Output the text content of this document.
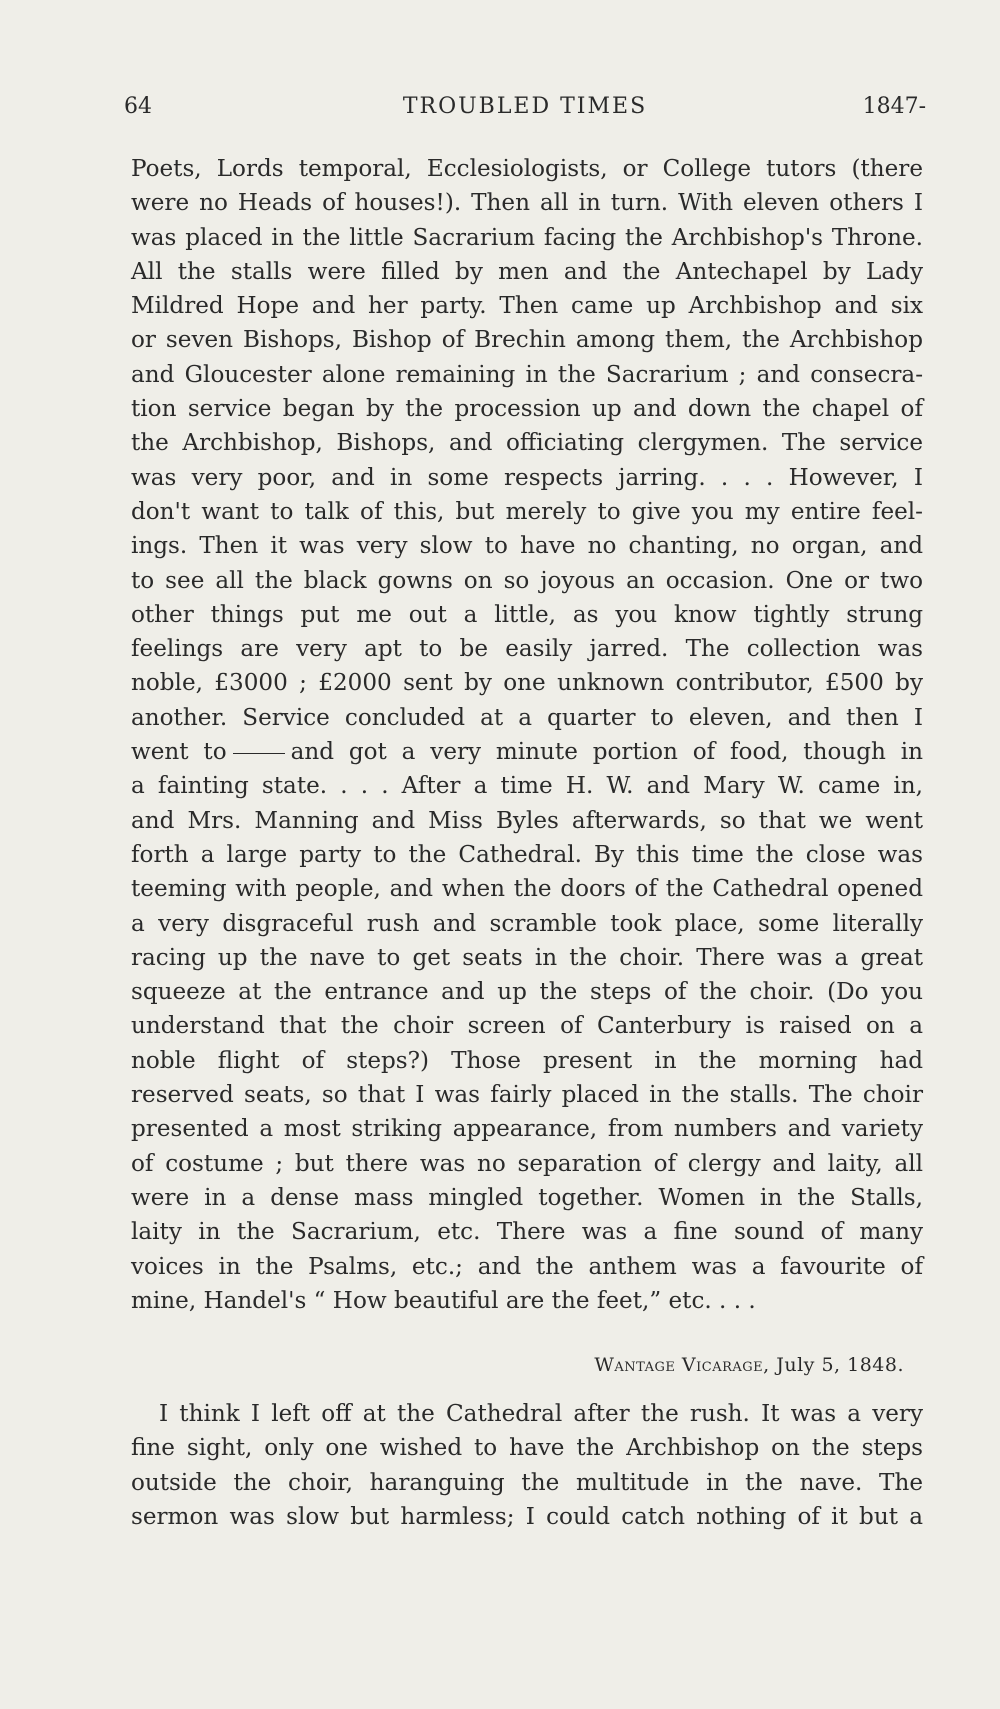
64	TROUBLED TIMES	1847-
Poets, Lords temporal, Ecclesiologists, or College tutors (there
were no Heads of houses!). Then all in turn. With eleven others I
was placed in the little Sacrarium facing the Archbishop's Throne.
All the stalls were filled by men and the Antechapel by Lady
Mildred Hope and her party. Then came up Archbishop and six
or seven Bishops, Bishop of Brechin among them, the Archbishop
and Gloucester alone remaining in the Sacrarium ; and consecra-
tion service began by the procession up and down the chapel of
the Archbishop, Bishops, and officiating clergymen. The service
was very poor, and in some respects jarring. . . . However, I
don't want to talk of this, but merely to give you my entire feel-
ings. Then it was very slow to have no chanting, no organ, and
to see all the black gowns on so joyous an occasion. One or two
other things put me out a little, as you know tightly strung
feelings are very apt to be easily jarred. The collection was
noble, £3000 ; £2000 sent by one unknown contributor, £500 by
another. Service concluded at a quarter to eleven, and then I
went to	and got a very minute portion of food, though in
a fainting state. . . . After a time H. W. and Mary W. came in,
and Mrs. Manning and Miss Byles afterwards, so that we went
forth a large party to the Cathedral. By this time the close was
teeming with people, and when the doors of the Cathedral opened
a very disgraceful rush and scramble took place, some literally
racing up the nave to get seats in the choir. There was a great
squeeze at the entrance and up the steps of the choir. (Do you
understand that the choir screen of Canterbury is raised on a
noble flight of steps?) Those present in the morning had
reserved seats, so that I was fairly placed in the stalls. The choir
presented a most striking appearance, from numbers and variety
of costume ; but there was no separation of clergy and laity, all
were in a dense mass mingled together. Women in the Stalls,
laity in the Sacrarium, etc. There was a fine sound of many
voices in the Psalms, etc.; and the anthem was a favourite of
mine, Handel's “ How beautiful are the feet,” etc. . . .
Wantage Vicarage, July 5, 1848.
I think I left off at the Cathedral after the rush. It was a very
fine sight, only one wished to have the Archbishop on the steps
outside the choir, haranguing the multitude in the nave. The
sermon was slow but harmless; I could catch nothing of it but a
